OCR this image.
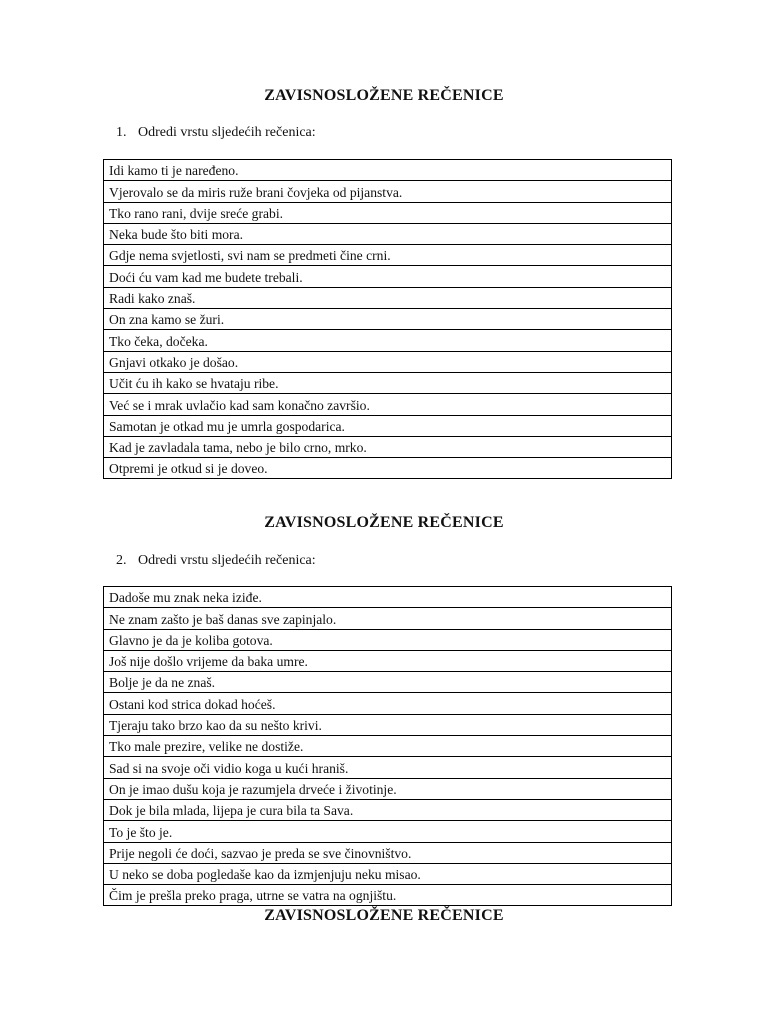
ZAVISNOSLOŽENE REČENICE

1. Odredi vrstu sljedećih rečenica:

Idi kamo ti je naređeno.
Vjerovalo se da miris ruže brani čovjeka od pijanstva.
Tko rano rani, dvije sreće grabi.
Neka bude što biti mora.
Gdje nema svjetlosti, svi nam se predmeti čine crni.
Doći ću vam kad me budete trebali.
Radi kako znaš.
On zna kamo se žuri.
Tko čeka, dočeka.
Gnjavi otkako je došao.
Učit ću ih kako se hvataju ribe.
Već se i mrak uvlačio kad sam konačno završio.
Samotan je otkad mu je umrla gospodarica.
Kad je zavladala tama, nebo je bilo crno, mrko.
Otpremi je otkud si je doveo.
ZAVISNOSLOŽENE REČENICE

2. Odredi vrstu sljedećih rečenica:

Dadoše mu znak neka iziđe.
Ne znam zašto je baš danas sve zapinjalo.
Glavno je da je koliba gotova.
Još nije došlo vrijeme da baka umre.
Bolje je da ne znaš.
Ostani kod strica dokad hoćeš.
Tjeraju tako brzo kao da su nešto krivi.
Tko male prezire, velike ne dostiže.
Sad si na svoje oči vidio koga u kući hraniš.
On je imao dušu koja je razumjela drveće i životinje.
Dok je bila mlada, lijepa je cura bila ta Sava.
To je što je.
Prije negoli će doći, sazvao je preda se sve činovništvo.
U neko se doba pogledaše kao da izmjenjuju neku misao.
Čim je prešla preko praga, utrne se vatra na ognjištu.
ZAVISNOSLOŽENE REČENICE
